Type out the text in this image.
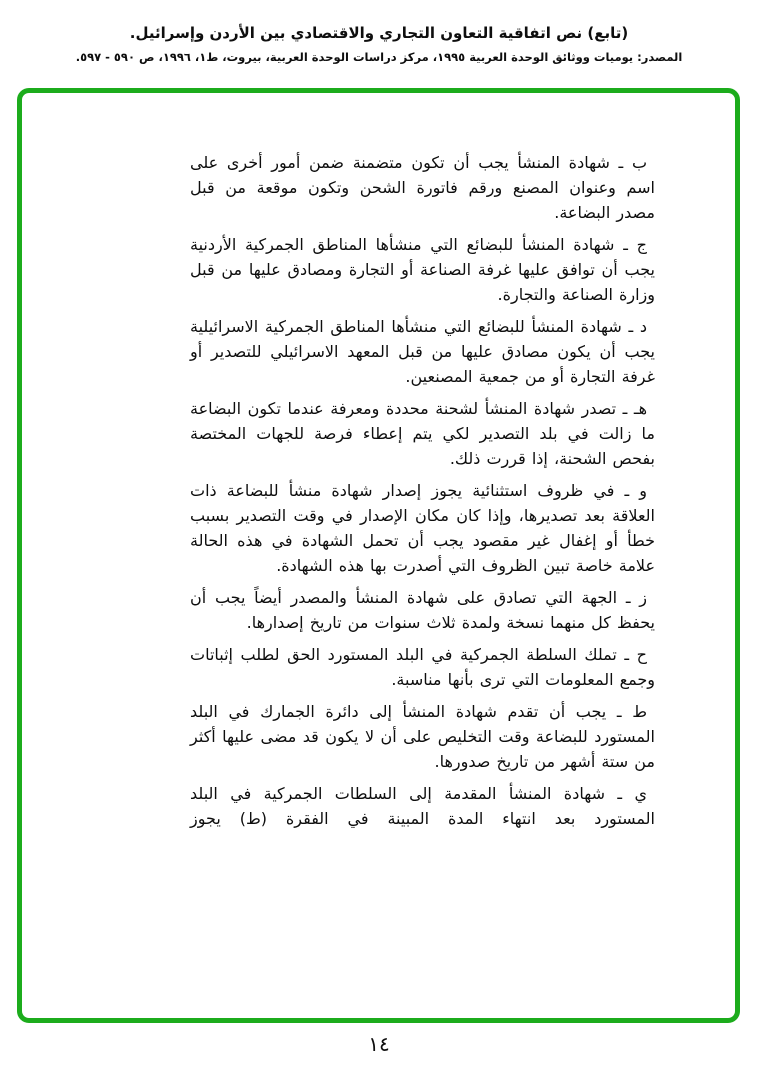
(تابع) نص اتفاقية التعاون التجاري والاقتصادي بين الأردن وإسرائيل.
المصدر: يوميات ووثائق الوحدة العربية ١٩٩٥، مركز دراسات الوحدة العربية، بيروت، ط١، ١٩٩٦، ص ٥٩٠ - ٥٩٧.

ب ـ شهادة المنشأ يجب أن تكون متضمنة ضمن أمور أخرى على اسم وعنوان المصنع ورقم فاتورة الشحن وتكون موقعة من قبل مصدر البضاعة.

ج ـ شهادة المنشأ للبضائع التي منشأها المناطق الجمركية الأردنية يجب أن توافق عليها غرفة الصناعة أو التجارة ومصادق عليها من قبل وزارة الصناعة والتجارة.

د ـ شهادة المنشأ للبضائع التي منشأها المناطق الجمركية الاسرائيلية يجب أن يكون مصادق عليها من قبل المعهد الاسرائيلي للتصدير أو غرفة التجارة أو من جمعية المصنعين.

هـ ـ تصدر شهادة المنشأ لشحنة محددة ومعرفة عندما تكون البضاعة ما زالت في بلد التصدير لكي يتم إعطاء فرصة للجهات المختصة بفحص الشحنة، إذا قررت ذلك.

و ـ في ظروف استثنائية يجوز إصدار شهادة منشأ للبضاعة ذات العلاقة بعد تصديرها، وإذا كان مكان الإصدار في وقت التصدير بسبب خطأ أو إغفال غير مقصود يجب أن تحمل الشهادة في هذه الحالة علامة خاصة تبين الظروف التي أصدرت بها هذه الشهادة.

ز ـ الجهة التي تصادق على شهادة المنشأ والمصدر أيضاً يجب أن يحفظ كل منهما نسخة ولمدة ثلاث سنوات من تاريخ إصدارها.

ح ـ تملك السلطة الجمركية في البلد المستورد الحق لطلب إثباتات وجمع المعلومات التي ترى بأنها مناسبة.

ط ـ يجب أن تقدم شهادة المنشأ إلى دائرة الجمارك في البلد المستورد للبضاعة وقت التخليص على أن لا يكون قد مضى عليها أكثر من ستة أشهر من تاريخ صدورها.

ي ـ شهادة المنشأ المقدمة إلى السلطات الجمركية في البلد المستورد بعد انتهاء المدة المبينة في الفقرة (ط) يجوز

١٤
